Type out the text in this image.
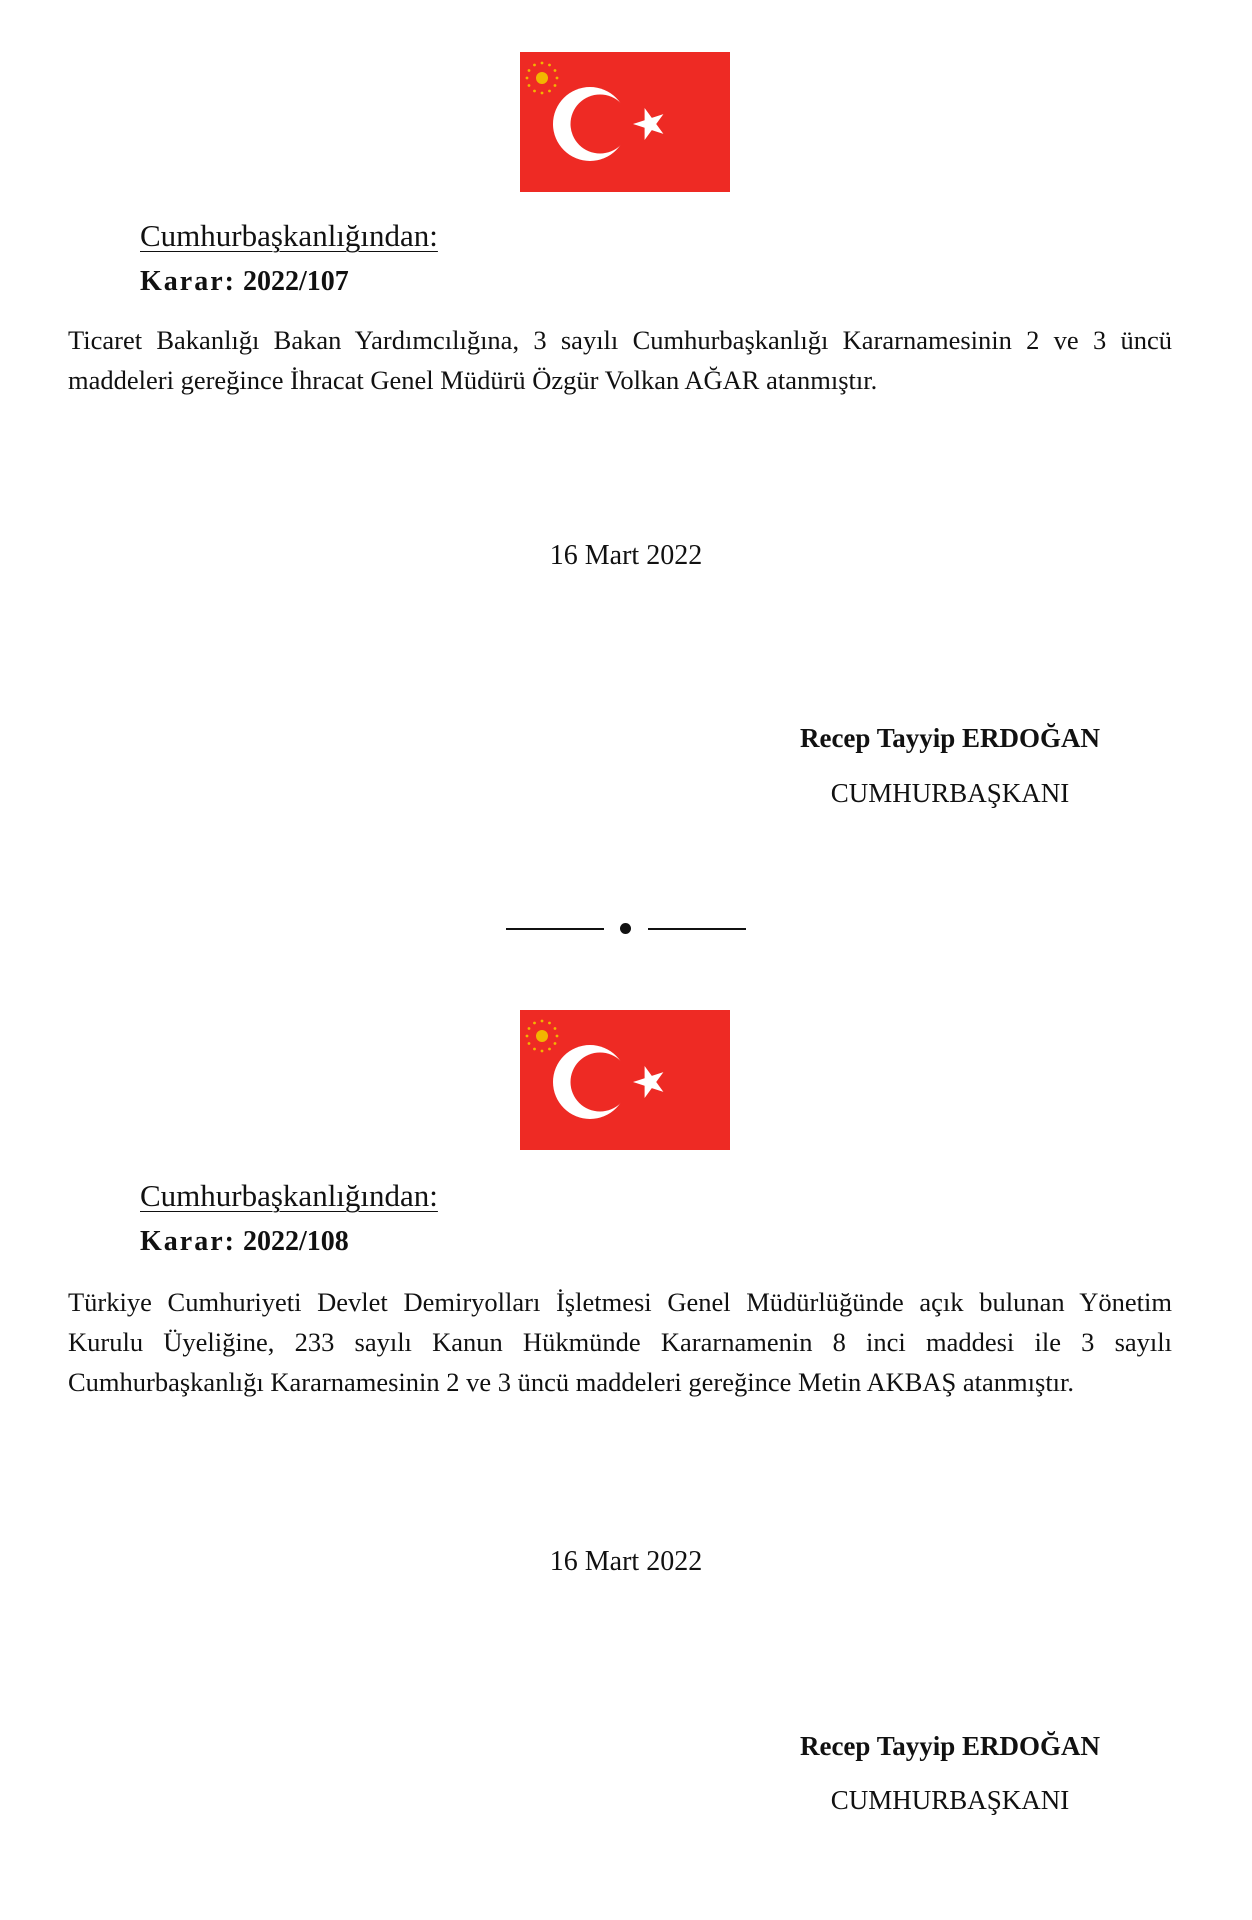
Cumhurbaşkanlığından:
Karar: 2022/107
Ticaret Bakanlığı Bakan Yardımcılığına, 3 sayılı Cumhurbaşkanlığı Kararnamesinin 2 ve 3 üncü maddeleri gereğince İhracat Genel Müdürü Özgür Volkan AĞAR atanmıştır.
16 Mart 2022
Recep Tayyip ERDOĞAN
CUMHURBAŞKANI
Cumhurbaşkanlığından:
Karar: 2022/108
Türkiye Cumhuriyeti Devlet Demiryolları İşletmesi Genel Müdürlüğünde açık bulunan Yönetim Kurulu Üyeliğine, 233 sayılı Kanun Hükmünde Kararnamenin 8 inci maddesi ile 3 sayılı Cumhurbaşkanlığı Kararnamesinin 2 ve 3 üncü maddeleri gereğince Metin AKBAŞ atanmıştır.
16 Mart 2022
Recep Tayyip ERDOĞAN
CUMHURBAŞKANI
